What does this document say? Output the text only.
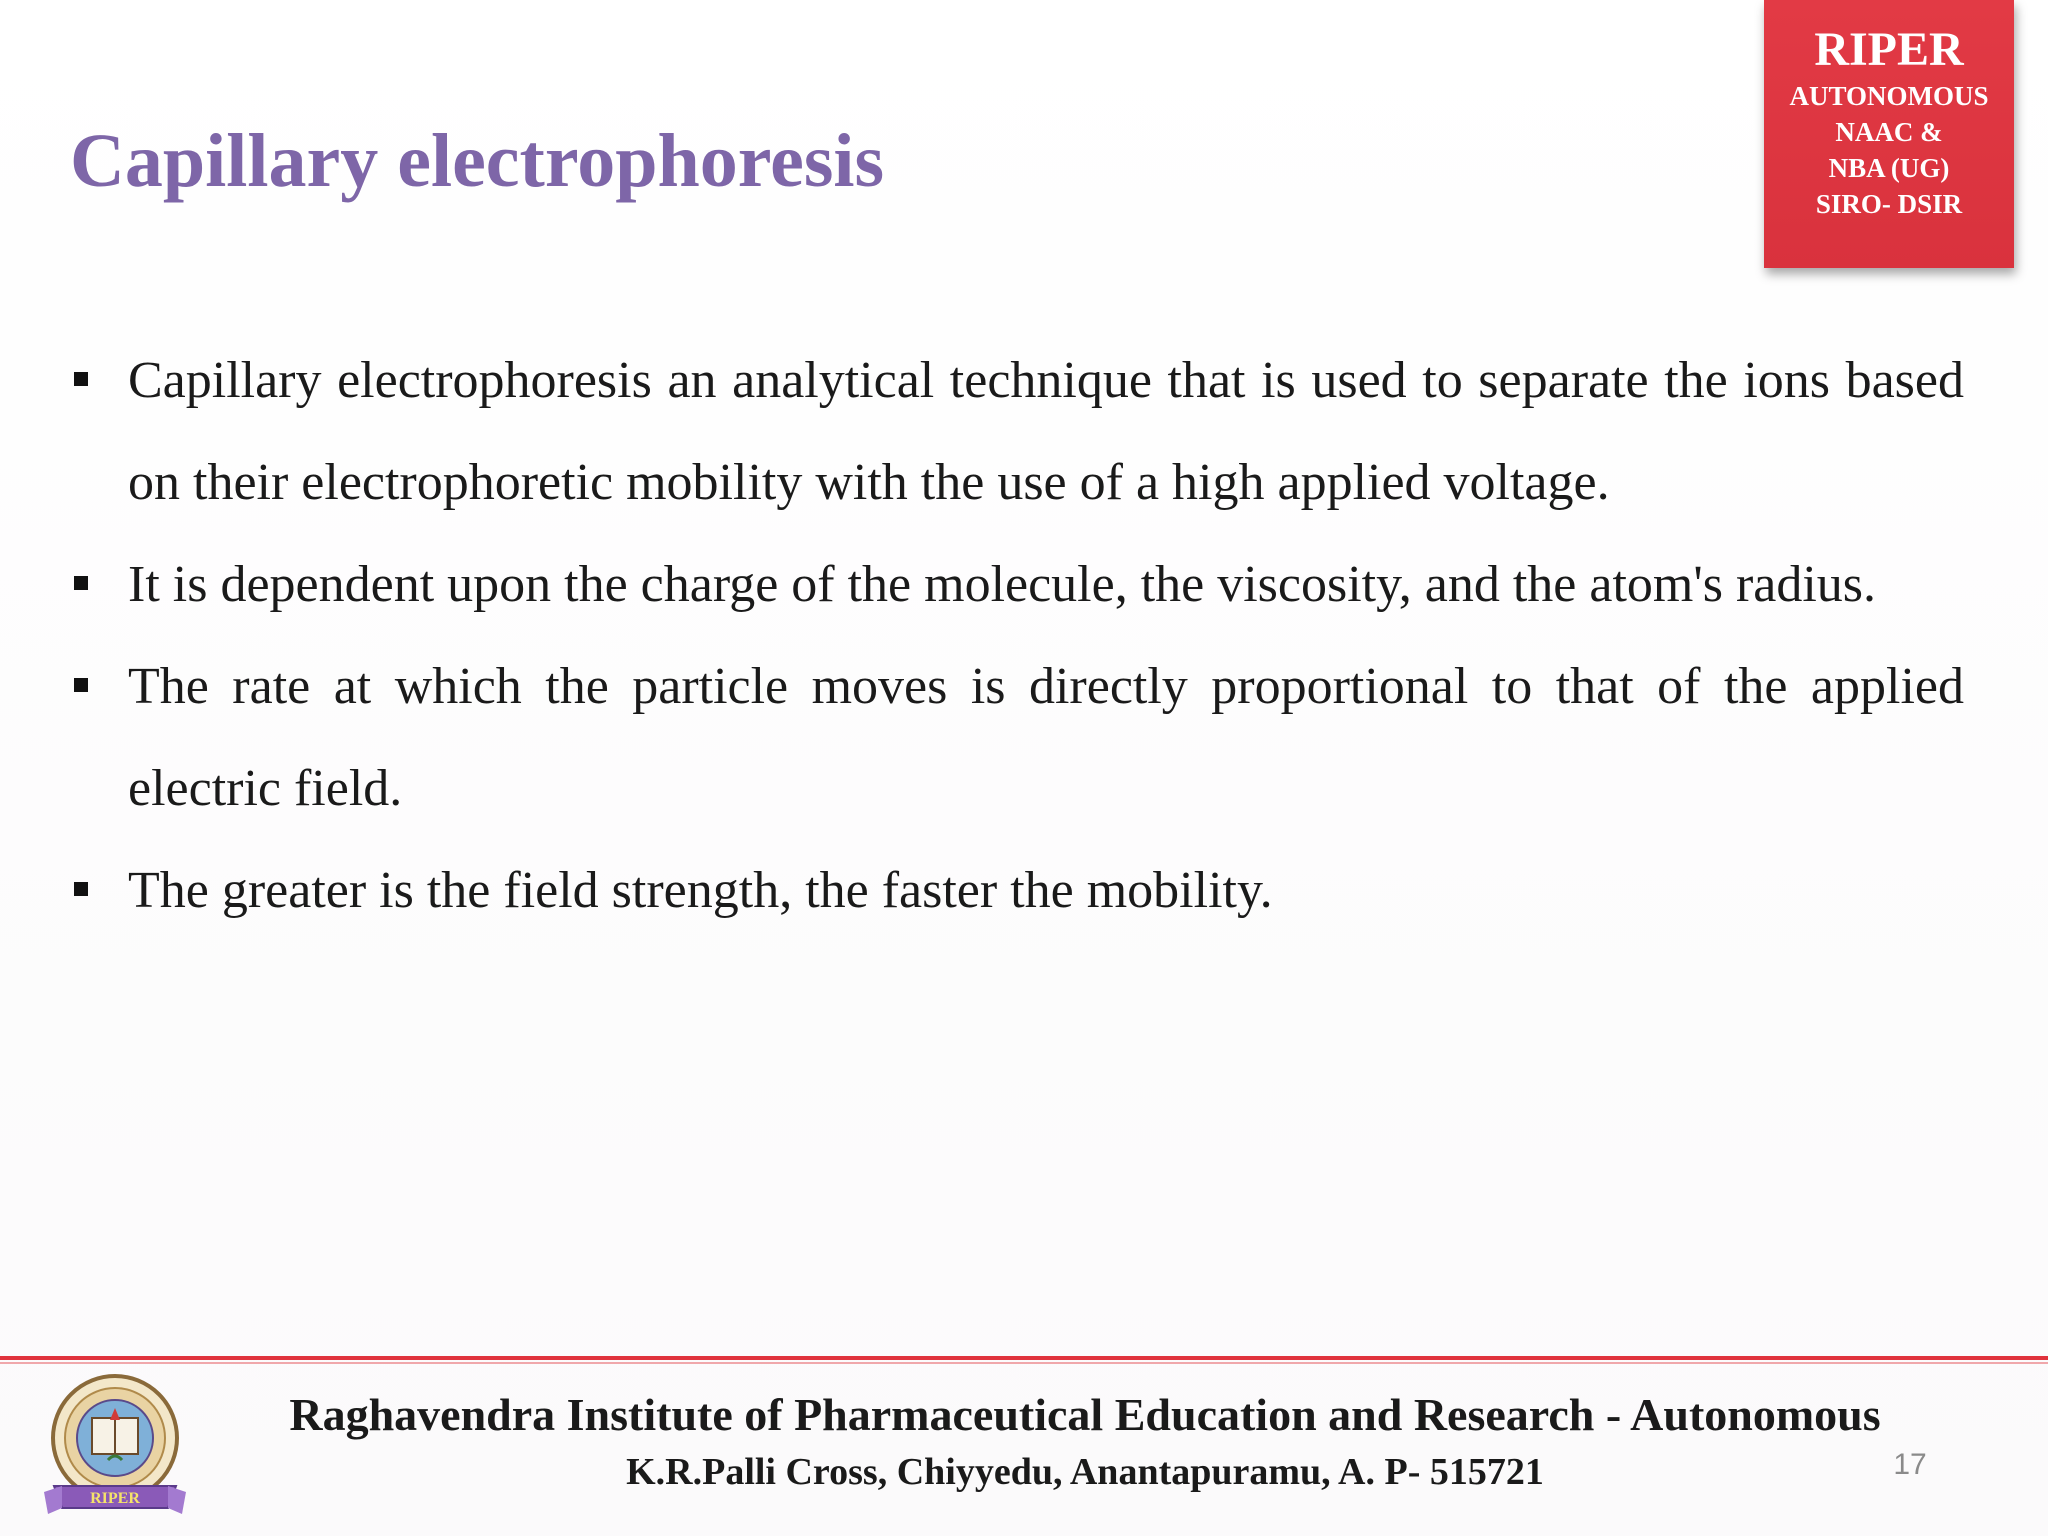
Capillary electrophoresis
RIPER
AUTONOMOUS
NAAC &
NBA (UG)
SIRO- DSIR
Capillary electrophoresis an analytical technique that is used to separate the ions based on their electrophoretic mobility with the use of a high applied voltage.
It is dependent upon the charge of the molecule, the viscosity, and the atom's radius.
The rate at which the particle moves is directly proportional to that of the applied electric field.
The greater is the field strength, the faster the mobility.
RIPER
Raghavendra Institute of Pharmaceutical Education and Research - Autonomous
K.R.Palli Cross, Chiyyedu, Anantapuramu, A. P- 515721	17
